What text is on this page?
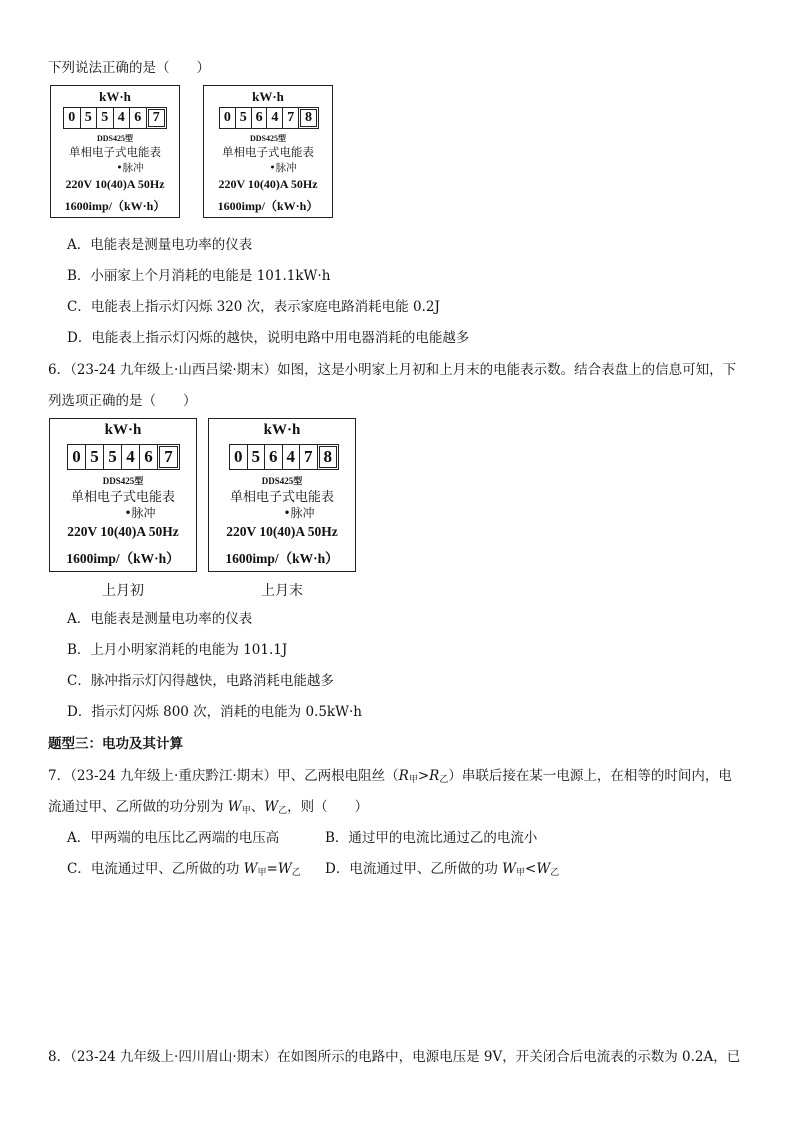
下列说法正确的是（　　）
kW·h
0 5 5 4 6 7
DDS425型
单相电子式电能表
•脉冲
220V 10(40)A 50Hz
1600imp/（kW·h）
kW·h
0 5 6 4 7 8
DDS425型
单相电子式电能表
•脉冲
220V 10(40)A 50Hz
1600imp/（kW·h）
A．电能表是测量电功率的仪表
B．小丽家上个月消耗的电能是 101.1kW·h
C．电能表上指示灯闪烁 320 次，表示家庭电路消耗电能 0.2J
D．电能表上指示灯闪烁的越快，说明电路中用电器消耗的电能越多
6．（23-24 九年级上·山西吕梁·期末）如图，这是小明家上月初和上月末的电能表示数。结合表盘上的信息可知，下
列选项正确的是（　　）
kW·h
0 5 5 4 6 7
DDS425型
单相电子式电能表
•脉冲
220V 10(40)A 50Hz
1600imp/（kW·h）
上月初
kW·h
0 5 6 4 7 8
DDS425型
单相电子式电能表
•脉冲
220V 10(40)A 50Hz
1600imp/（kW·h）
上月末
A．电能表是测量电功率的仪表
B．上月小明家消耗的电能为 101.1J
C．脉冲指示灯闪得越快，电路消耗电能越多
D．指示灯闪烁 800 次，消耗的电能为 0.5kW·h
题型三：电功及其计算
7．（23-24 九年级上·重庆黔江·期末）甲、乙两根电阻丝$(R_甲>R_乙)$串联后接在某一电源上，在相等的时间内，电
流通过甲、乙所做的功分别为 $W_甲$、$W_乙$，则（　　）
A．甲两端的电压比乙两端的电压高	B．通过甲的电流比通过乙的电流小
C．电流通过甲、乙所做的功 $W_甲=W_乙$ D．电流通过甲、乙所做的功 $W_甲<W_乙$
8．（23-24 九年级上·四川眉山·期末）在如图所示的电路中，电源电压是 9V，开关闭合后电流表的示数为 0.2A，已
